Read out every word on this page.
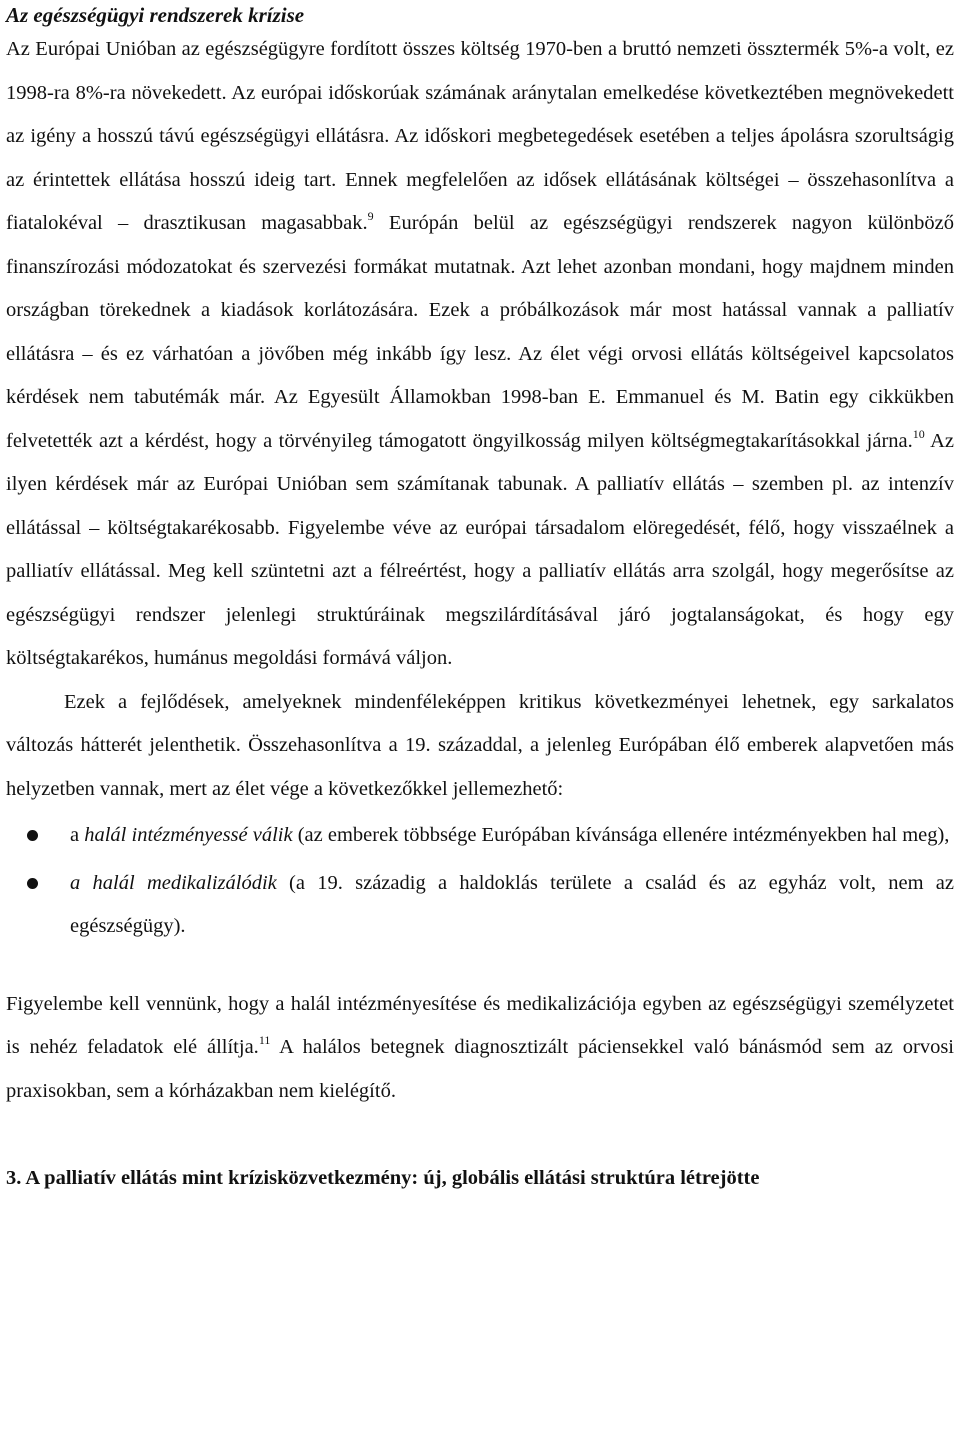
Az egészségügyi rendszerek krízise

Az Európai Unióban az egészségügyre fordított összes költség 1970-ben a bruttó nemzeti össztermék 5%-a volt, ez 1998-ra 8%-ra növekedett. Az európai időskorúak számának aránytalan emelkedése következtében megnövekedett az igény a hosszú távú egészségügyi ellátásra. Az időskori megbetegedések esetében a teljes ápolásra szorultságig az érintettek ellátása hosszú ideig tart. Ennek megfelelően az idősek ellátásának költségei – összehasonlítva a fiatalokéval – drasztikusan magasabbak.$^9$ Európán belül az egészségügyi rendszerek nagyon különböző finanszírozási módozatokat és szervezési formákat mutatnak. Azt lehet azonban mondani, hogy majdnem minden országban törekednek a kiadások korlátozására. Ezek a próbálkozások már most hatással vannak a palliatív ellátásra – és ez várhatóan a jövőben még inkább így lesz. Az élet végi orvosi ellátás költségeivel kapcsolatos kérdések nem tabutémák már. Az Egyesült Államokban 1998-ban E. Emmanuel és M. Batin egy cikkükben felvetették azt a kérdést, hogy a törvényileg támogatott öngyilkosság milyen költségmegtakarításokkal járna.$^{10}$ Az ilyen kérdések már az Európai Unióban sem számítanak tabunak. A palliatív ellátás – szemben pl. az intenzív ellátással – költségtakarékosabb. Figyelembe véve az európai társadalom elöregedését, félő, hogy visszaélnek a palliatív ellátással. Meg kell szüntetni azt a félreértést, hogy a palliatív ellátás arra szolgál, hogy megerősítse az egészségügyi rendszer jelenlegi struktúráinak megszilárdításával járó jogtalanságokat, és hogy egy költségtakarékos, humánus megoldási formává váljon.

Ezek a fejlődések, amelyeknek mindenféleképpen kritikus következményei lehetnek, egy sarkalatos változás hátterét jelenthetik. Összehasonlítva a 19. századdal, a jelenleg Európában élő emberek alapvetően más helyzetben vannak, mert az élet vége a következőkkel jellemezhető:

a halál intézményessé válik (az emberek többsége Európában kívánsága ellenére intézményekben hal meg),
a halál medikalizálódik (a 19. századig a haldoklás területe a család és az egyház volt, nem az egészségügy).

Figyelembe kell vennünk, hogy a halál intézményesítése és medikalizációja egyben az egészségügyi személyzetet is nehéz feladatok elé állítja.$^{11}$ A halálos betegnek diagnosztizált páciensekkel való bánásmód sem az orvosi praxisokban, sem a kórházakban nem kielégítő.

3. A palliatív ellátás mint krízisközvetkezmény: új, globális ellátási struktúra létrejötte
